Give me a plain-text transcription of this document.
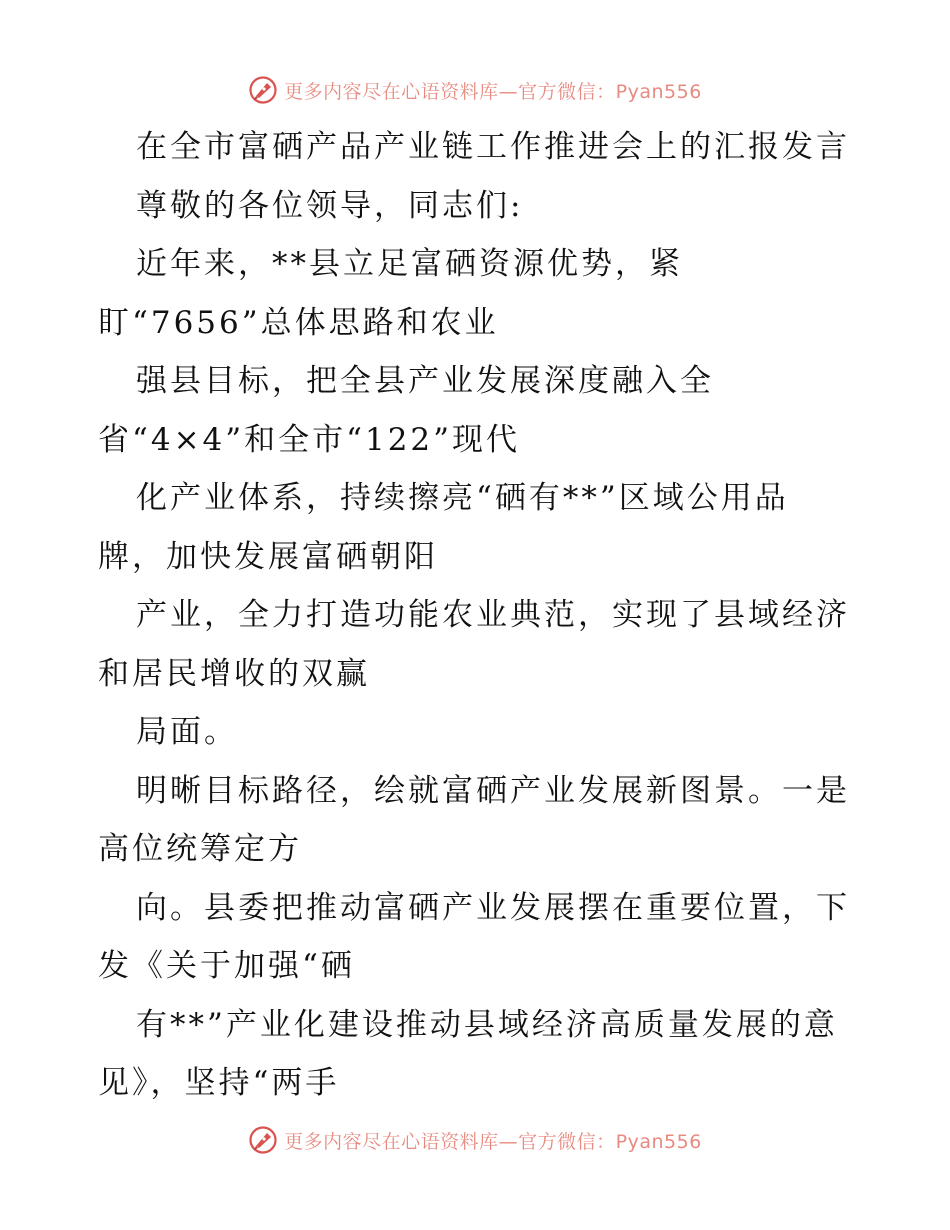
更多内容尽在心语资料库—官方微信：Pyan556

在全市富硒产品产业链工作推进会上的汇报发言

尊敬的各位领导，同志们:

近年来，**县立足富硒资源优势，紧

盯“7656”总体思路和农业

强县目标，把全县产业发展深度融入全

省“4×4”和全市“122”现代

化产业体系，持续擦亮“硒有**”区域公用品

牌，加快发展富硒朝阳

产业，全力打造功能农业典范，实现了县域经济

和居民增收的双赢

局面。

明晰目标路径，绘就富硒产业发展新图景。一是

高位统筹定方

向。县委把推动富硒产业发展摆在重要位置，下

发《关于加强“硒

有**”产业化建设推动县域经济高质量发展的意

见》，坚持“两手

更多内容尽在心语资料库—官方微信：Pyan556
